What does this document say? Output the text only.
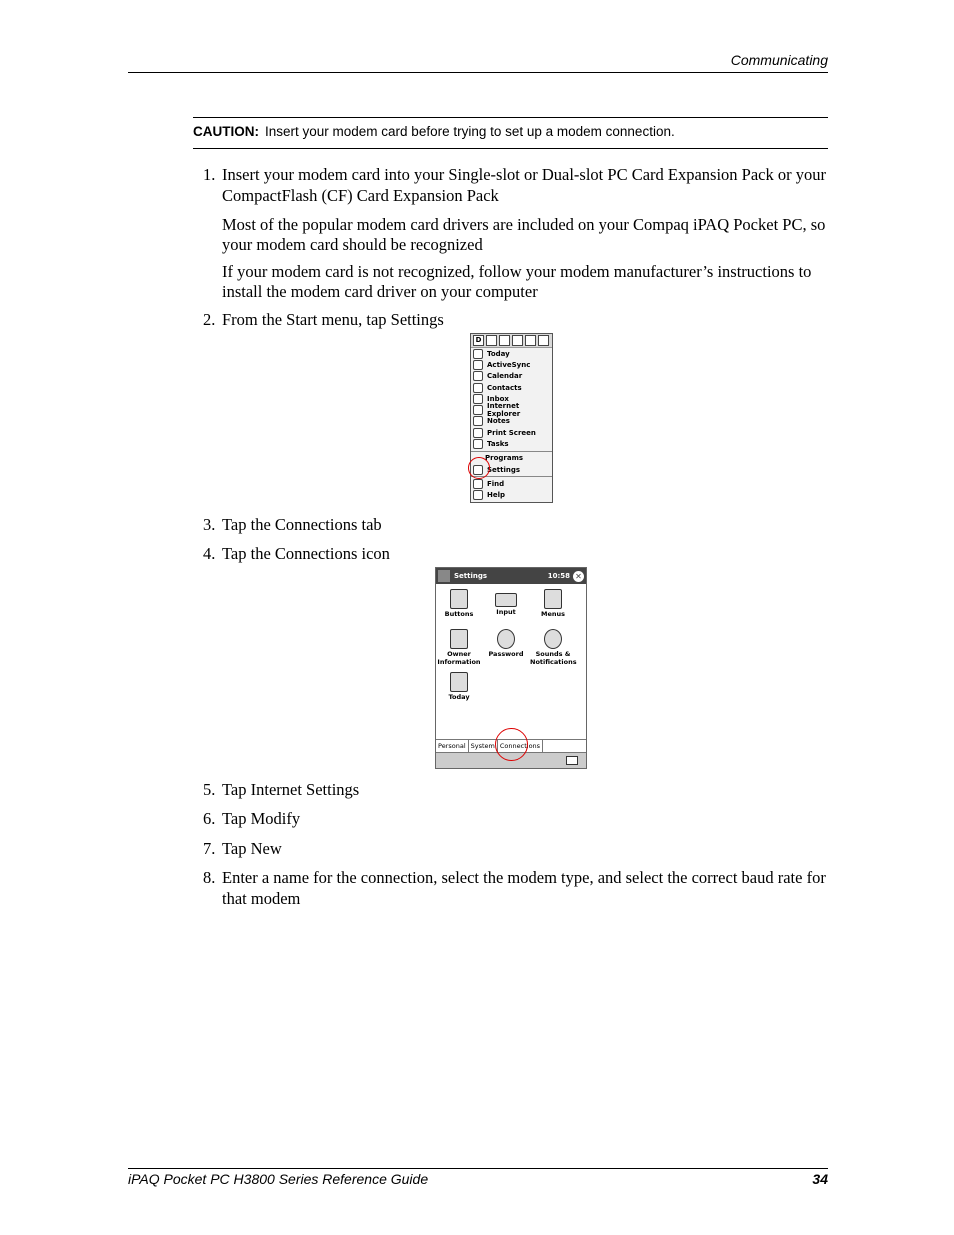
Communicating
CAUTION: Insert your modem card before trying to set up a modem connection.
1. Insert your modem card into your Single-slot or Dual-slot PC Card Expansion Pack or your CompactFlash (CF) Card Expansion Pack
Most of the popular modem card drivers are included on your Compaq iPAQ Pocket PC, so your modem card should be recognized
If your modem card is not recognized, follow your modem manufacturer’s instructions to install the modem card driver on your computer
2. From the Start menu, tap Settings
D
Today
ActiveSync
Calendar
Contacts
Inbox
Internet Explorer
Notes
Print Screen
Tasks
Programs
Settings
Find
Help
3. Tap the Connections tab
4. Tap the Connections icon
Settings	10:58 ✕
Buttons	Input	Menus
Owner Information
Password	Sounds & Notifications
Today
Personal System Connections
5. Tap Internet Settings
6. Tap Modify
7. Tap New
8. Enter a name for the connection, select the modem type, and select the correct baud rate for that modem
iPAQ Pocket PC H3800 Series Reference Guide	34
